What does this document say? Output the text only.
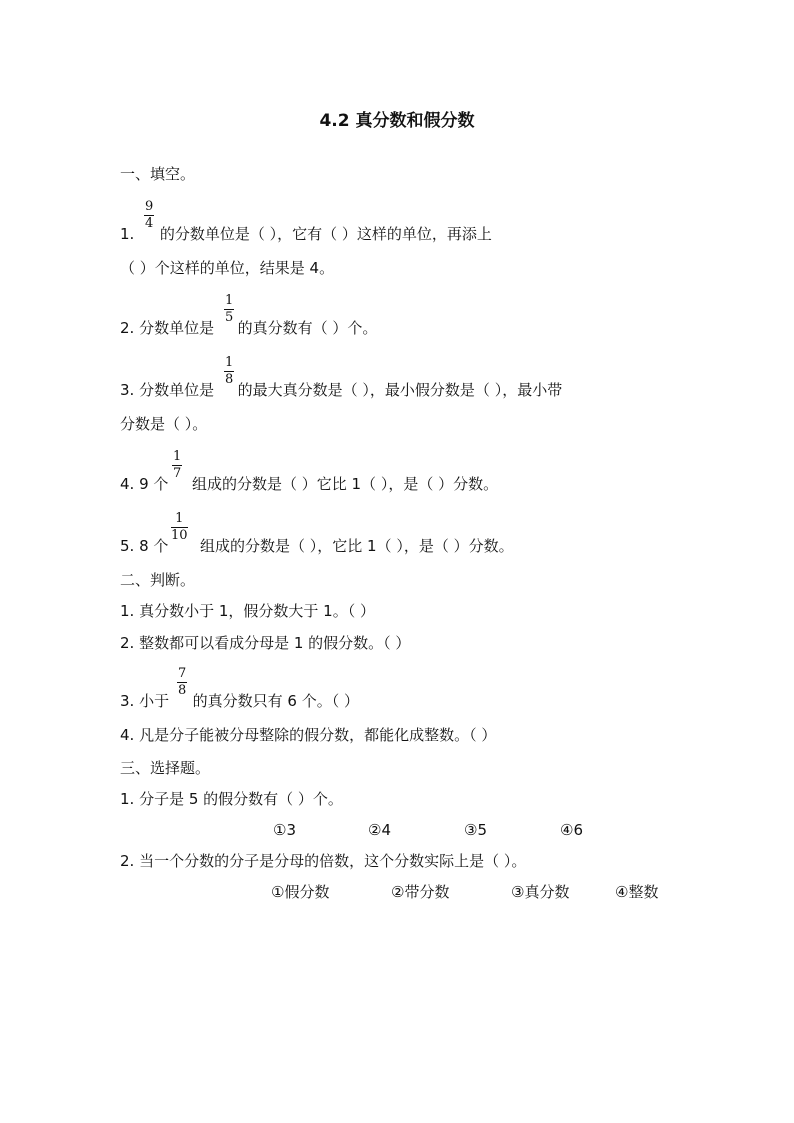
4.2 真分数和假分数
一、填空。
1. 的分数单位是（ ），它有（ ）这样的单位，再添上
9
4
（ ）个这样的单位，结果是 4。
2. 分数单位是 的真分数有（ ）个。
1
5
3. 分数单位是 的最大真分数是（ ），最小假分数是（ ），最小带
1
8
分数是（ ）。
4. 9 个 组成的分数是（ ）它比 1（ ），是（ ）分数。
1
7
5. 8 个 组成的分数是（ ），它比 1（ ），是（ ）分数。
1
10
二、判断。
1. 真分数小于 1，假分数大于 1。（ ）
2. 整数都可以看成分母是 1 的假分数。（ ）
3. 小于 的真分数只有 6 个。（ ）
7
8
4. 凡是分子能被分母整除的假分数，都能化成整数。（ ）
三、选择题。
1. 分子是 5 的假分数有（ ）个。
①3	②4	③5	④6
2. 当一个分数的分子是分母的倍数，这个分数实际上是（ ）。
①假分数	②带分数	③真分数	④整数
